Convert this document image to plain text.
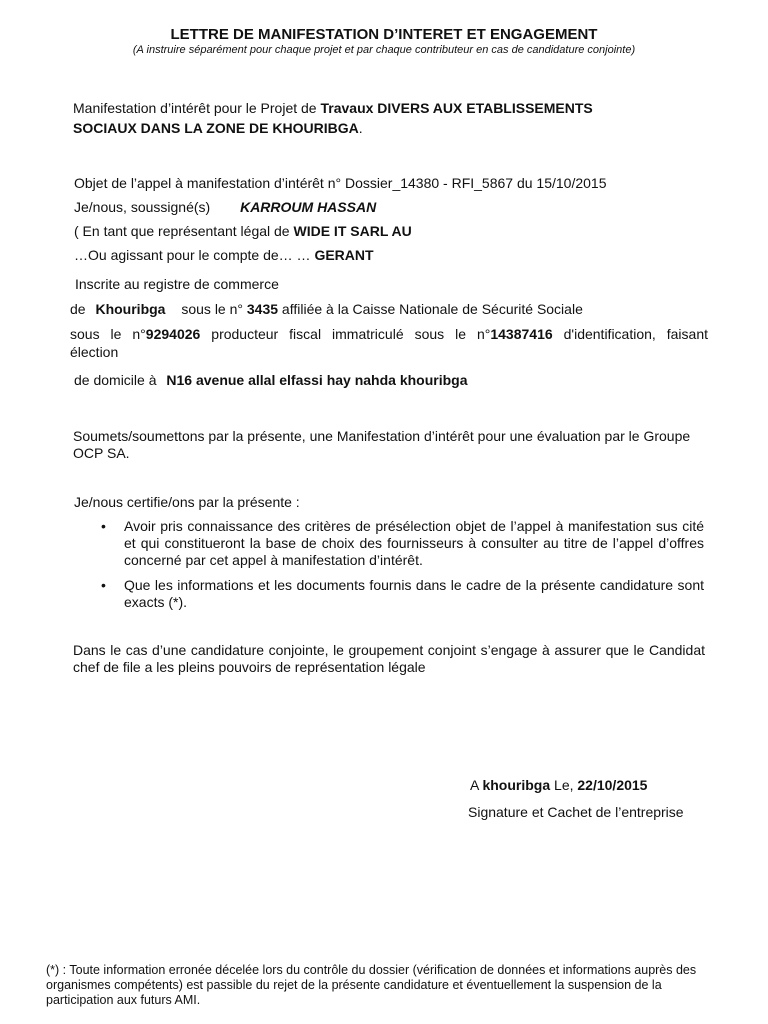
LETTRE DE MANIFESTATION D’INTERET ET ENGAGEMENT
(A instruire séparément pour chaque projet et par chaque contributeur en cas de candidature conjointe)
Manifestation d’intérêt pour le Projet de Travaux DIVERS AUX ETABLISSEMENTS
SOCIAUX DANS LA ZONE DE KHOURIBGA.
Objet de l’appel à manifestation d’intérêt n° Dossier_14380 - RFI_5867 du 15/10/2015
Je/nous, soussigné(s) KARROUM HASSAN
( En tant que représentant légal de WIDE IT SARL AU
…Ou agissant pour le compte de… … GERANT
Inscrite au registre de commerce
de Khouribga sous le n° 3435 affiliée à la Caisse Nationale de Sécurité Sociale
sous le n°9294026 producteur fiscal immatriculé sous le n°14387416 d'identification, faisant
élection
de domicile à N16 avenue allal elfassi hay nahda khouribga
Soumets/soumettons par la présente, une Manifestation d’intérêt pour une évaluation par le Groupe OCP SA.
Je/nous certifie/ons par la présente :
• Avoir pris connaissance des critères de présélection objet de l’appel à manifestation sus cité et qui constitueront la base de choix des fournisseurs à consulter au titre de l’appel d’offres concerné par cet appel à manifestation d’intérêt.
• Que les informations et les documents fournis dans le cadre de la présente candidature sont exacts (*).
Dans le cas d’une candidature conjointe, le groupement conjoint s’engage à assurer que le Candidat chef de file a les pleins pouvoirs de représentation légale
A khouribga Le, 22/10/2015
Signature et Cachet de l’entreprise
(*) : Toute information erronée décelée lors du contrôle du dossier (vérification de données et informations auprès des organismes compétents) est passible du rejet de la présente candidature et éventuellement la suspension de la participation aux futurs AMI.
